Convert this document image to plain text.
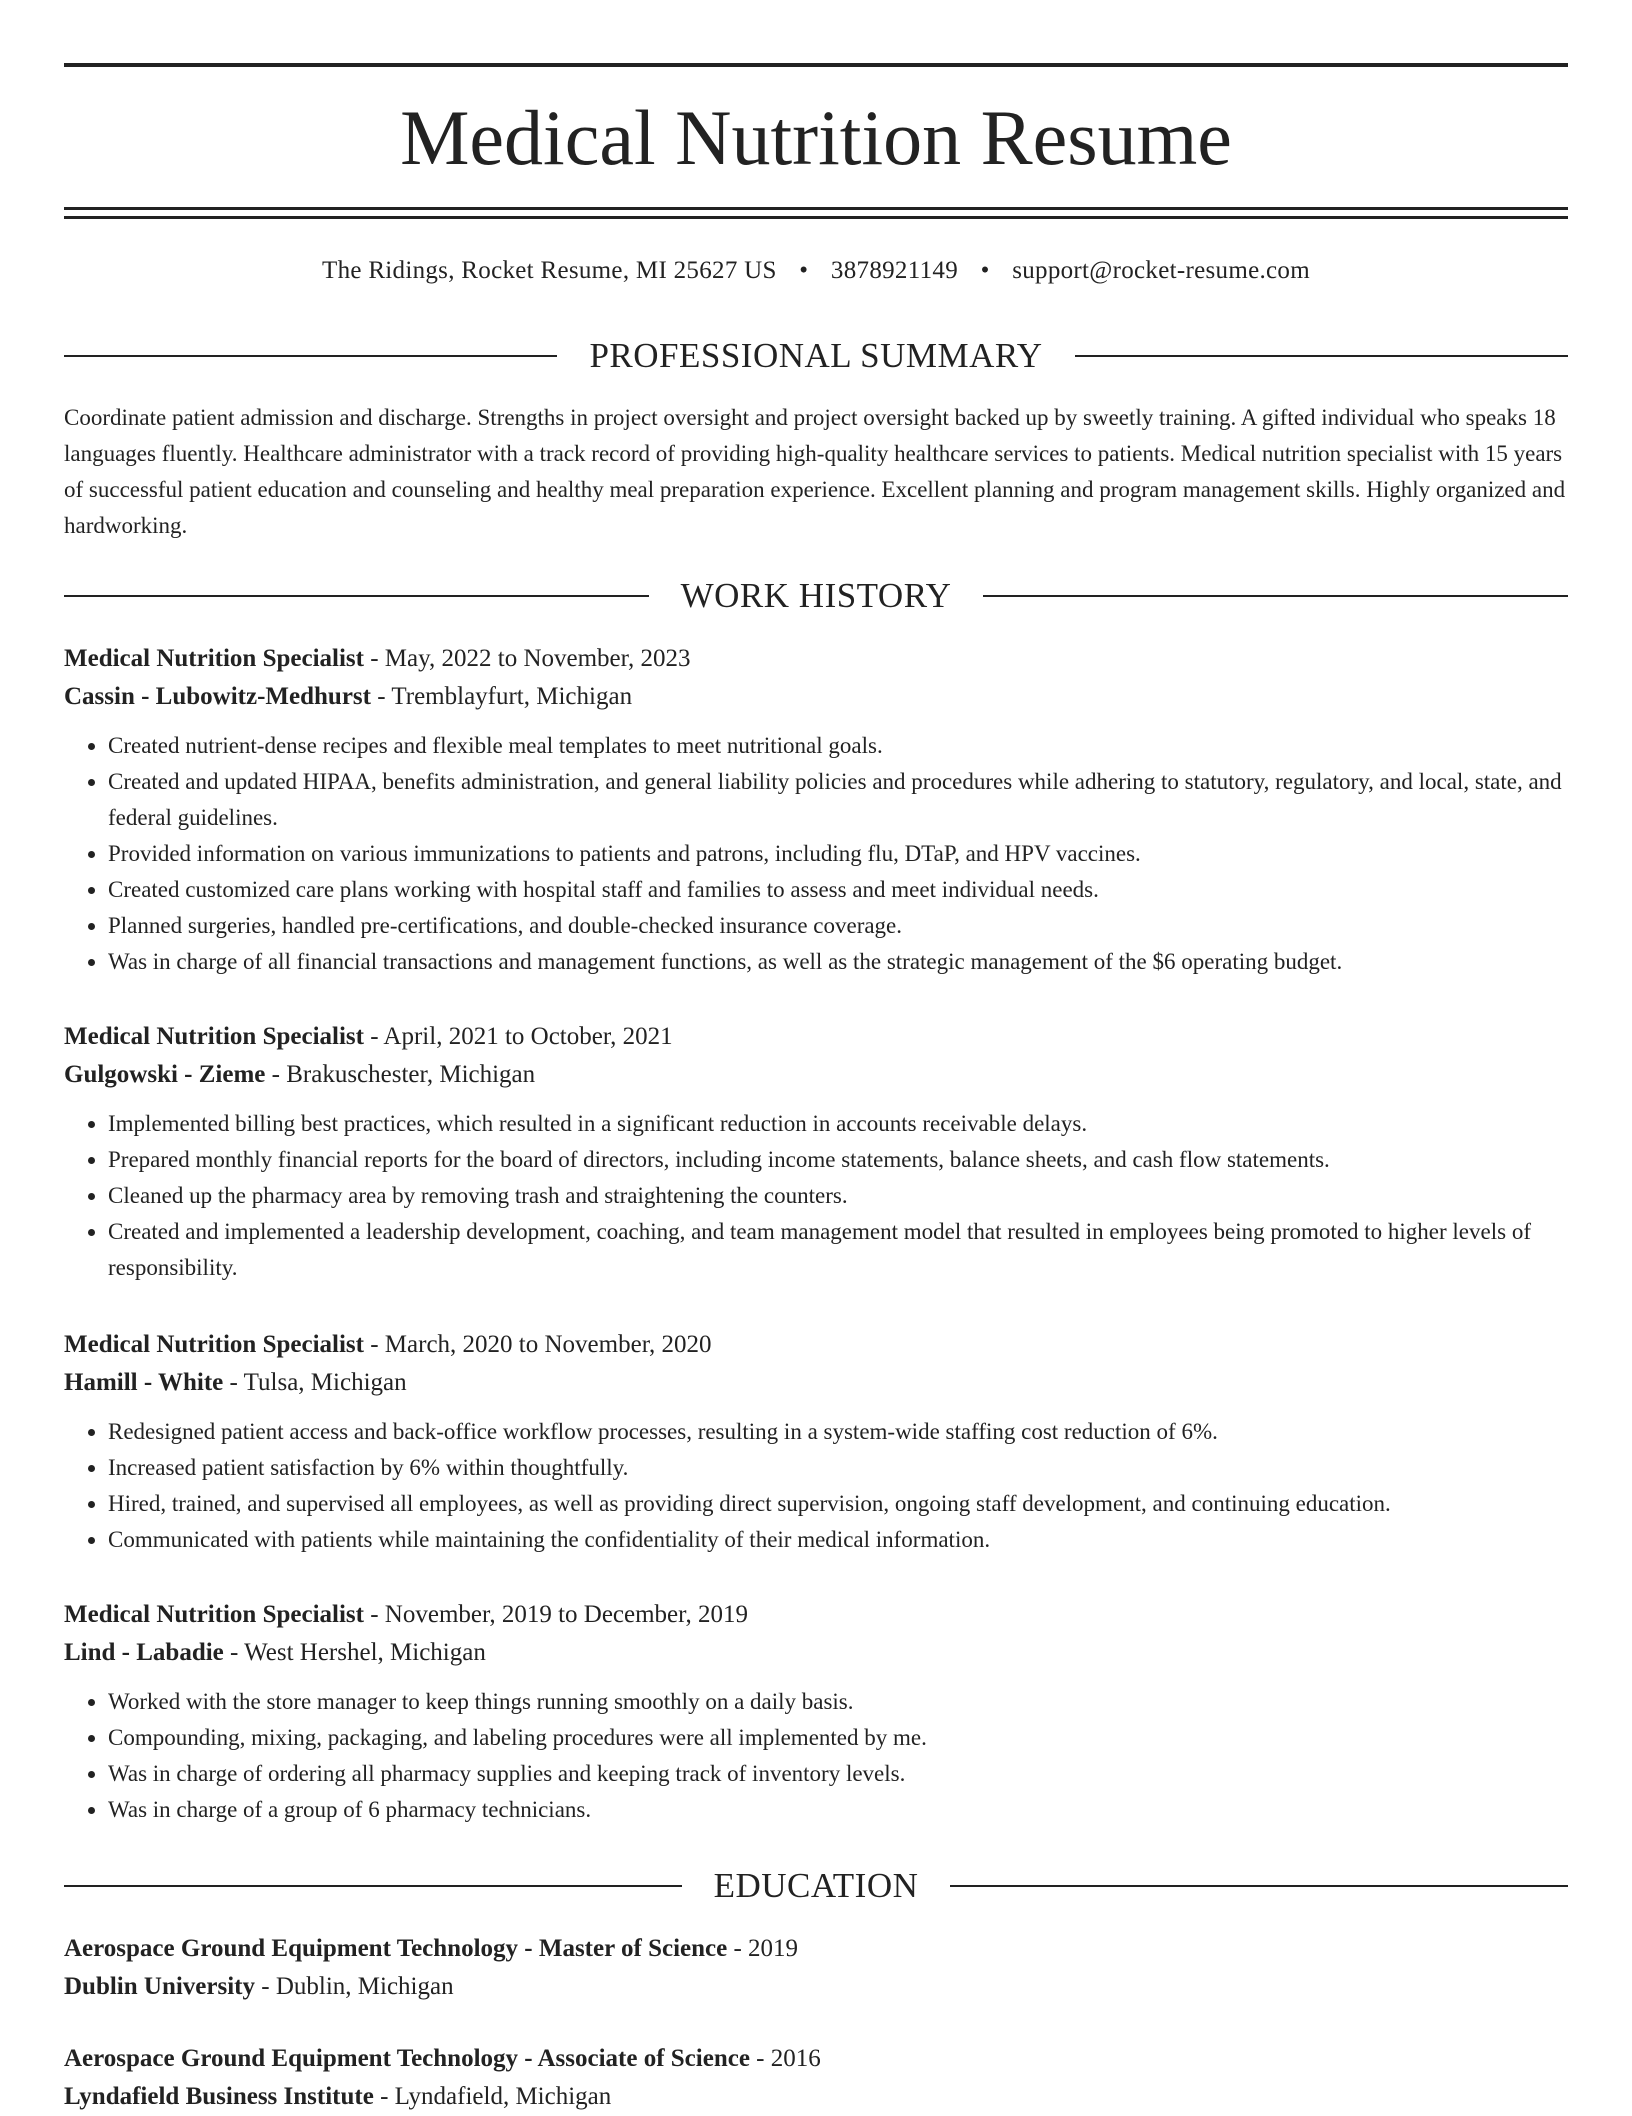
Medical Nutrition Resume
The Ridings, Rocket Resume, MI 25627 US • 3878921149 • support@rocket-resume.com
PROFESSIONAL SUMMARY

Coordinate patient admission and discharge. Strengths in project oversight and project oversight backed up by sweetly training. A gifted individual who speaks 18 languages fluently. Healthcare administrator with a track record of providing high-quality healthcare services to patients. Medical nutrition specialist with 15 years of successful patient education and counseling and healthy meal preparation experience. Excellent planning and program management skills. Highly organized and hardworking.

WORK HISTORY
Medical Nutrition Specialist - May, 2022 to November, 2023
Cassin - Lubowitz-Medhurst - Tremblayfurt, Michigan
• Created nutrient-dense recipes and flexible meal templates to meet nutritional goals.
• Created and updated HIPAA, benefits administration, and general liability policies and procedures while adhering to statutory, regulatory, and local, state, and federal guidelines.
• Provided information on various immunizations to patients and patrons, including flu, DTaP, and HPV vaccines.
• Created customized care plans working with hospital staff and families to assess and meet individual needs.
• Planned surgeries, handled pre-certifications, and double-checked insurance coverage.
• Was in charge of all financial transactions and management functions, as well as the strategic management of the $6 operating budget.
Medical Nutrition Specialist - April, 2021 to October, 2021
Gulgowski - Zieme - Brakuschester, Michigan
• Implemented billing best practices, which resulted in a significant reduction in accounts receivable delays.
• Prepared monthly financial reports for the board of directors, including income statements, balance sheets, and cash flow statements.
• Cleaned up the pharmacy area by removing trash and straightening the counters.
• Created and implemented a leadership development, coaching, and team management model that resulted in employees being promoted to higher levels of responsibility.
Medical Nutrition Specialist - March, 2020 to November, 2020
Hamill - White - Tulsa, Michigan
• Redesigned patient access and back-office workflow processes, resulting in a system-wide staffing cost reduction of 6%.
• Increased patient satisfaction by 6% within thoughtfully.
• Hired, trained, and supervised all employees, as well as providing direct supervision, ongoing staff development, and continuing education.
• Communicated with patients while maintaining the confidentiality of their medical information.
Medical Nutrition Specialist - November, 2019 to December, 2019
Lind - Labadie - West Hershel, Michigan
• Worked with the store manager to keep things running smoothly on a daily basis.
• Compounding, mixing, packaging, and labeling procedures were all implemented by me.
• Was in charge of ordering all pharmacy supplies and keeping track of inventory levels.
• Was in charge of a group of 6 pharmacy technicians.
EDUCATION
Aerospace Ground Equipment Technology - Master of Science - 2019
Dublin University - Dublin, Michigan
Aerospace Ground Equipment Technology - Associate of Science - 2016
Lyndafield Business Institute - Lyndafield, Michigan
